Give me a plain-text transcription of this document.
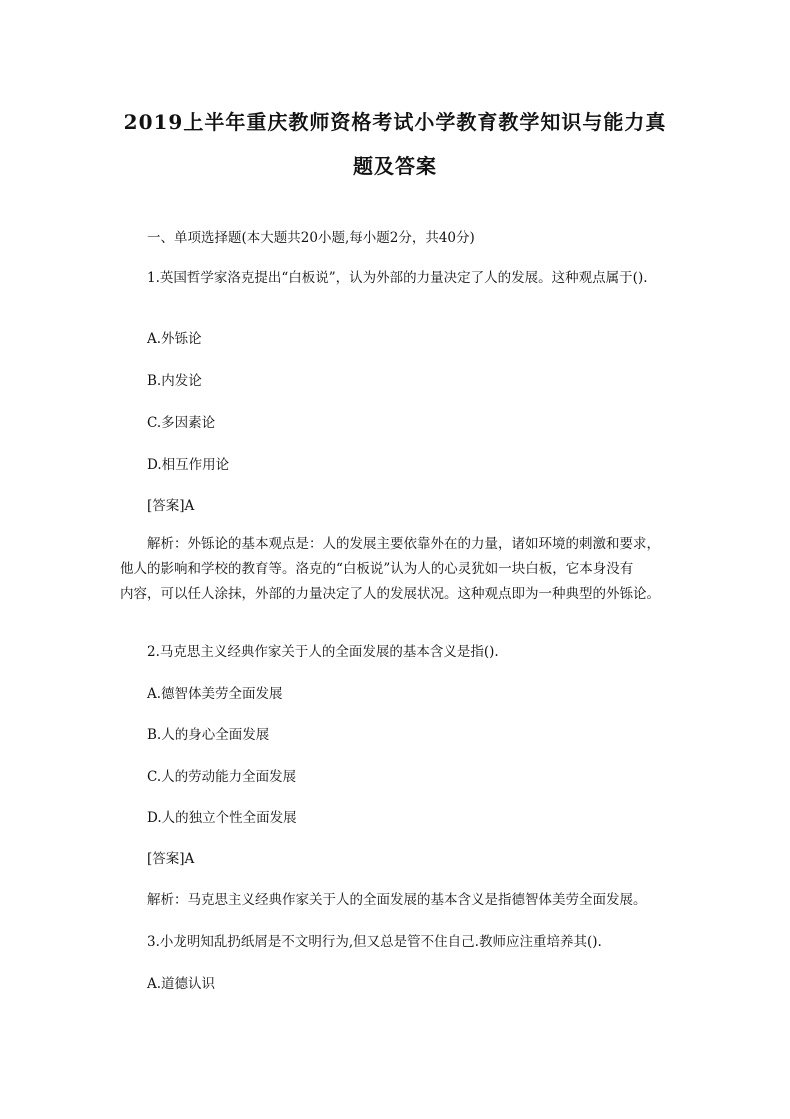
2019上半年重庆教师资格考试小学教育教学知识与能力真
题及答案
一、单项选择题(本大题共20小题,每小题2分，共40分)
1.英国哲学家洛克提出“白板说”，认为外部的力量决定了人的发展。这种观点属于().
A.外铄论
B.内发论
C.多因素论
D.相互作用论
[答案]A
解析：外铄论的基本观点是：人的发展主要依靠外在的力量，诸如环境的刺激和要求，
他人的影响和学校的教育等。洛克的“白板说”认为人的心灵犹如一块白板，它本身没有
内容，可以任人涂抹，外部的力量决定了人的发展状况。这种观点即为一种典型的外铄论。
2.马克思主义经典作家关于人的全面发展的基本含义是指().
A.德智体美劳全面发展
B.人的身心全面发展
C.人的劳动能力全面发展
D.人的独立个性全面发展
[答案]A
解析：马克思主义经典作家关于人的全面发展的基本含义是指德智体美劳全面发展。
3.小龙明知乱扔纸屑是不文明行为,但又总是管不住自己.教师应注重培养其().
A.道德认识
